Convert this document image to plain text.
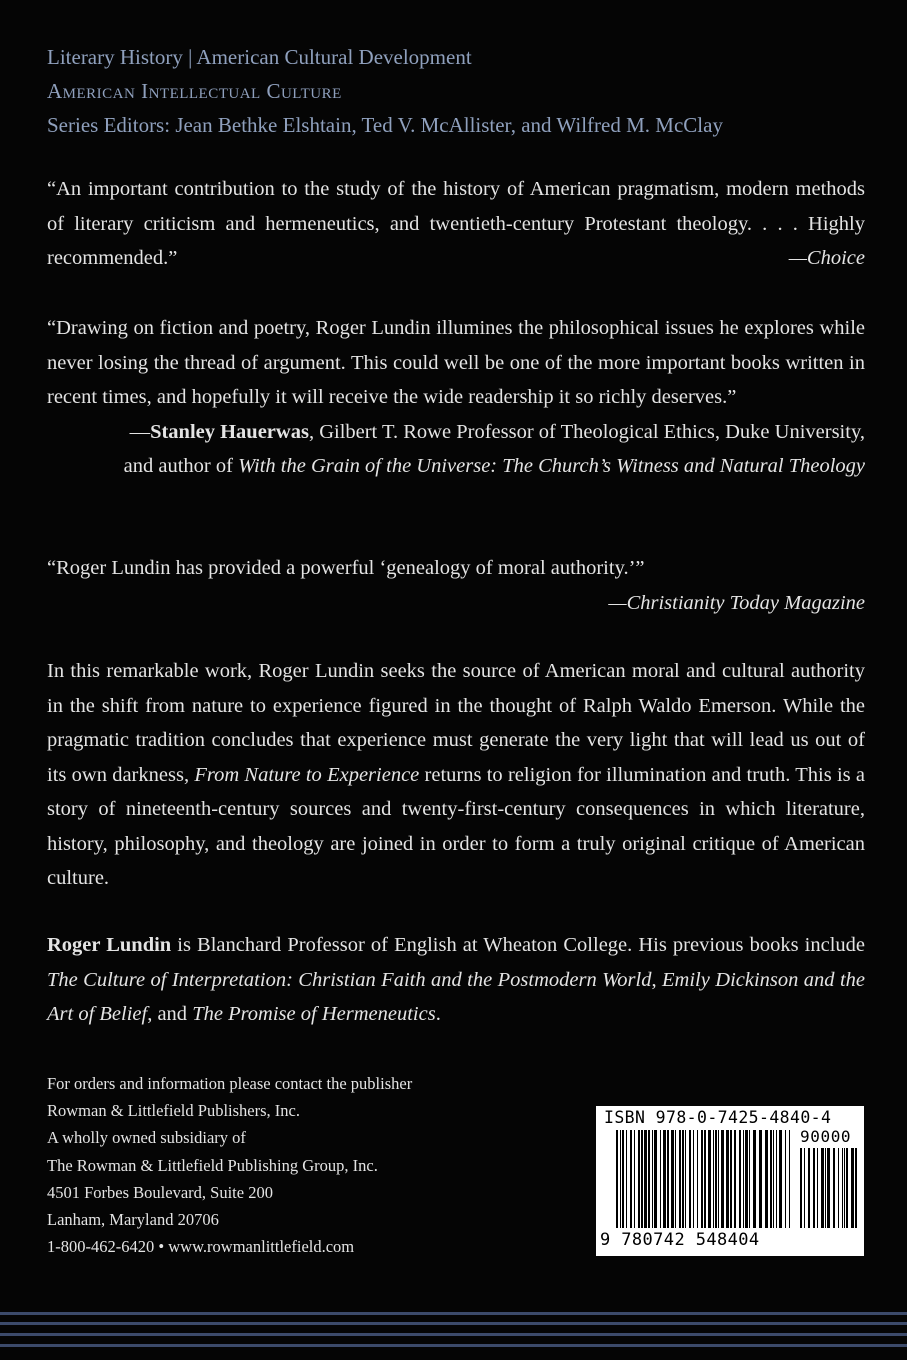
Literary History | American Cultural Development
American Intellectual Culture
Series Editors: Jean Bethke Elshtain, Ted V. McAllister, and Wilfred M. McClay
“An important contribution to the study of the history of American pragmatism, modern methods of literary criticism and hermeneutics, and twentieth-century Protestant theology. . . . Highly recommended.”	—Choice
“Drawing on fiction and poetry, Roger Lundin illumines the philosophical issues he explores while never losing the thread of argument. This could well be one of the more important books written in recent times, and hopefully it will receive the wide readership it so richly deserves.”
—Stanley Hauerwas, Gilbert T. Rowe Professor of Theological Ethics, Duke University,
and author of With the Grain of the Universe: The Church’s Witness and Natural Theology
“Roger Lundin has provided a powerful ‘genealogy of moral authority.’”
—Christianity Today Magazine
In this remarkable work, Roger Lundin seeks the source of American moral and cultural authority in the shift from nature to experience figured in the thought of Ralph Waldo Emerson. While the pragmatic tradition concludes that experience must generate the very light that will lead us out of its own darkness, From Nature to Experience returns to religion for illumination and truth. This is a story of nineteenth-century sources and twenty-first-century consequences in which literature, history, philosophy, and theology are joined in order to form a truly original critique of American culture.
Roger Lundin is Blanchard Professor of English at Wheaton College. His previous books include The Culture of Interpretation: Christian Faith and the Postmodern World, Emily Dickinson and the Art of Belief, and The Promise of Hermeneutics.
For orders and information please contact the publisher
Rowman & Littlefield Publishers, Inc.
A wholly owned subsidiary of
The Rowman & Littlefield Publishing Group, Inc.
4501 Forbes Boulevard, Suite 200
Lanham, Maryland 20706
1-800-462-6420 • www.rowmanlittlefield.com
ISBN 978-0-7425-4840-4
90000
9 780742 548404
